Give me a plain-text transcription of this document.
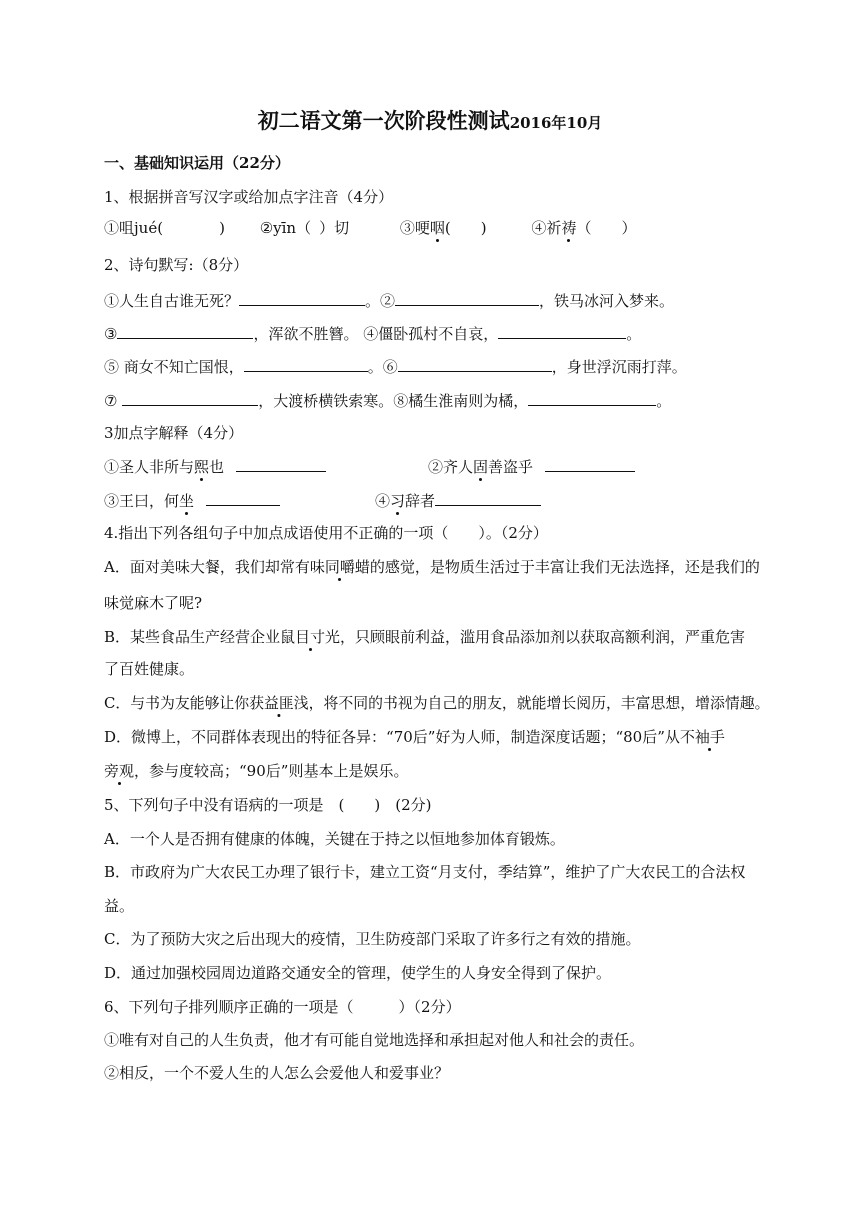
初二语文第一次阶段性测试2016年10月
一、基础知识运用（22分）
1、根据拼音写汉字或给加点字注音（4分）
①咀jué(	) ②yīn（ ）切	③哽咽(　　)	④祈祷（　　）
2、诗句默写:（8分）
①人生自古谁无死？	。②	，铁马冰河入梦来。
③	，浑欲不胜簪。 ④僵卧孤村不自哀，	。
⑤ 商女不知亡国恨，	。⑥	，身世浮沉雨打萍。
⑦	，大渡桥横铁索寒。⑧橘生淮南则为橘，	。
3加点字解释（4分）
①圣人非所与熙也	②齐人固善盗乎
③王曰，何坐	④习辞者
4.指出下列各组句子中加点成语使用不正确的一项（　　）。（2分）
A．面对美味大餐，我们却常有味同嚼蜡的感觉，是物质生活过于丰富让我们无法选择，还是我们的
味觉麻木了呢?
B．某些食品生产经营企业鼠目寸光，只顾眼前利益，滥用食品添加剂以获取高额利润，严重危害
了百姓健康。
C．与书为友能够让你获益匪浅，将不同的书视为自己的朋友，就能增长阅历，丰富思想，增添情趣。
D．微博上，不同群体表现出的特征各异：“70后”好为人师，制造深度话题；“80后”从不袖手
旁观，参与度较高；“90后”则基本上是娱乐。
5、下列句子中没有语病的一项是　(　　)　(2分)
A．一个人是否拥有健康的体魄，关键在于持之以恒地参加体育锻炼。
B．市政府为广大农民工办理了银行卡，建立工资“月支付，季结算”，维护了广大农民工的合法权
益。
C．为了预防大灾之后出现大的疫情，卫生防疫部门采取了许多行之有效的措施。
D．通过加强校园周边道路交通安全的管理，使学生的人身安全得到了保护。
6、下列句子排列顺序正确的一项是（　　　）（2分）
①唯有对自己的人生负责，他才有可能自觉地选择和承担起对他人和社会的责任。
②相反，一个不爱人生的人怎么会爱他人和爱事业？
